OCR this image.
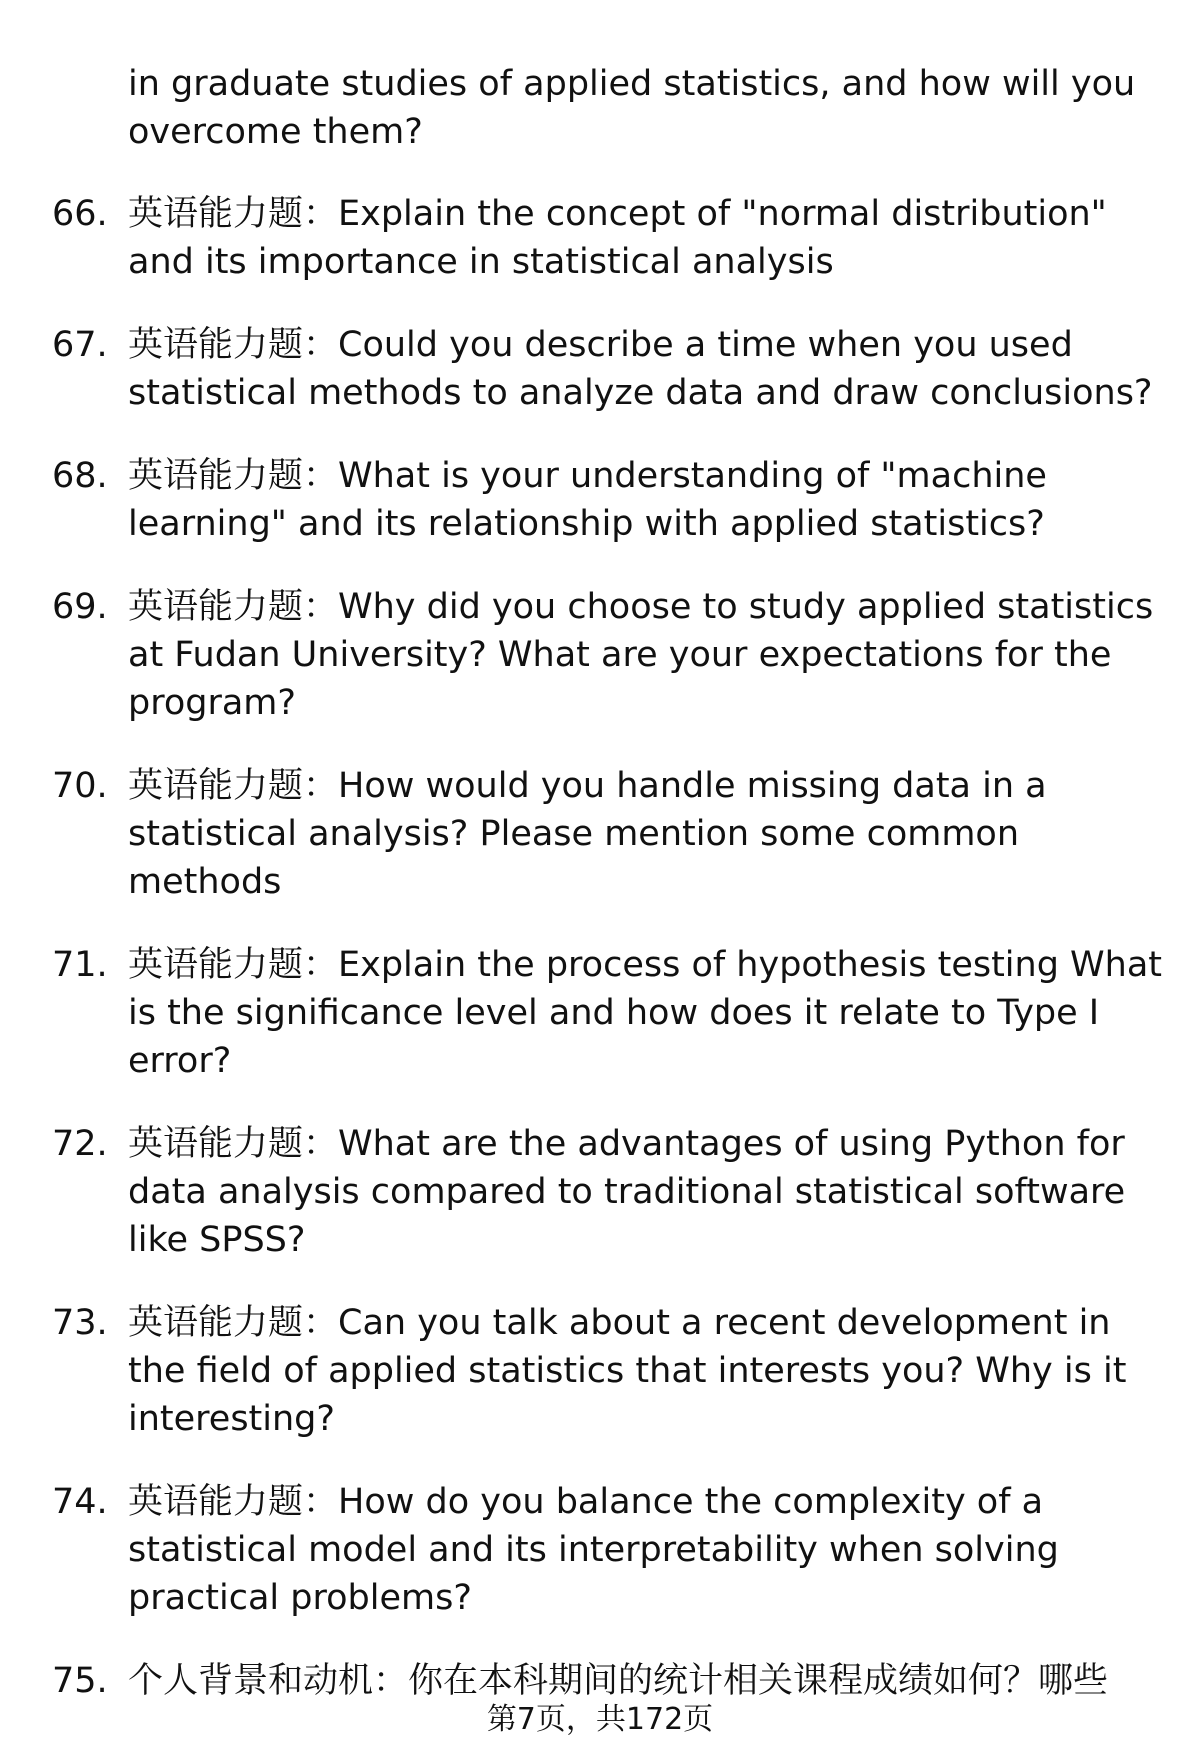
in graduate studies of applied statistics, and how will you overcome them?
66. 英语能力题：Explain the concept of "normal distribution" and its importance in statistical analysis
67. 英语能力题：Could you describe a time when you used statistical methods to analyze data and draw conclusions?
68. 英语能力题：What is your understanding of "machine learning" and its relationship with applied statistics?
69. 英语能力题：Why did you choose to study applied statistics at Fudan University? What are your expectations for the program?
70. 英语能力题：How would you handle missing data in a statistical analysis? Please mention some common methods
71. 英语能力题：Explain the process of hypothesis testing What is the significance level and how does it relate to Type I error?
72. 英语能力题：What are the advantages of using Python for data analysis compared to traditional statistical software like SPSS?
73. 英语能力题：Can you talk about a recent development in the field of applied statistics that interests you? Why is it interesting?
74. 英语能力题：How do you balance the complexity of a statistical model and its interpretability when solving practical problems?
75. 个人背景和动机：你在本科期间的统计相关课程成绩如何？哪些
第7页，共172页
